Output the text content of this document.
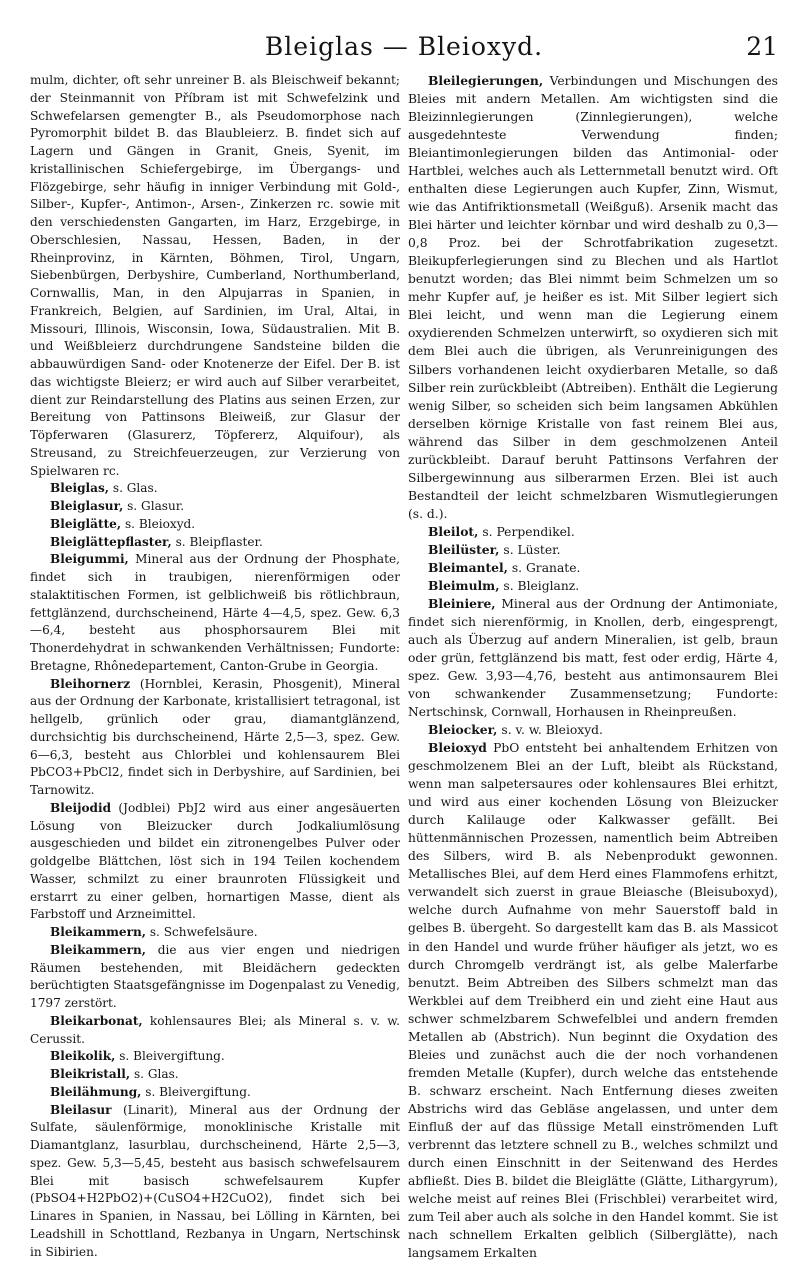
Bleiglas — Bleioxyd.	21

mulm, dichter, oft sehr unreiner B. als Bleischweif bekannt; der Steinmannit von Příbram ist mit Schwefelzink und Schwefelarsen gemengter B., als Pseudomorphose nach Pyromorphit bildet B. das Blaubleierz. B. findet sich auf Lagern und Gängen in Granit, Gneis, Syenit, im kristallinischen Schiefergebirge, im Übergangs- und Flözgebirge, sehr häufig in inniger Verbindung mit Gold-, Silber-, Kupfer-, Antimon-, Arsen-, Zinkerzen rc. sowie mit den verschiedensten Gangarten, im Harz, Erzgebirge, in Oberschlesien, Nassau, Hessen, Baden, in der Rheinprovinz, in Kärnten, Böhmen, Tirol, Ungarn, Siebenbürgen, Derbyshire, Cumberland, Northumberland, Cornwallis, Man, in den Alpujarras in Spanien, in Frankreich, Belgien, auf Sardinien, im Ural, Altai, in Missouri, Illinois, Wisconsin, Iowa, Südaustralien. Mit B. und Weißbleierz durchdrungene Sandsteine bilden die abbauwürdigen Sand- oder Knotenerze der Eifel. Der B. ist das wichtigste Bleierz; er wird auch auf Silber verarbeitet, dient zur Reindarstellung des Platins aus seinen Erzen, zur Bereitung von Pattinsons Bleiweiß, zur Glasur der Töpferwaren (Glasurerz, Töpfererz, Alquifour), als Streusand, zu Streichfeuerzeugen, zur Verzierung von Spielwaren rc.

Bleiglas, s. Glas.

Bleiglasur, s. Glasur.

Bleiglätte, s. Bleioxyd.

Bleiglättepflaster, s. Bleipflaster.

Bleigummi, Mineral aus der Ordnung der Phosphate, findet sich in traubigen, nierenförmigen oder stalaktitischen Formen, ist gelblichweiß bis rötlichbraun, fettglänzend, durchscheinend, Härte 4—4,5, spez. Gew. 6,3—6,4, besteht aus phosphorsaurem Blei mit Thonerdehydrat in schwankenden Verhältnissen; Fundorte: Bretagne, Rhônedepartement, Canton-Grube in Georgia.

Bleihornerz (Hornblei, Kerasin, Phosgenit), Mineral aus der Ordnung der Karbonate, kristallisiert tetragonal, ist hellgelb, grünlich oder grau, diamantglänzend, durchsichtig bis durchscheinend, Härte 2,5—3, spez. Gew. 6—6,3, besteht aus Chlorblei und kohlensaurem Blei PbCO3+PbCl2, findet sich in Derbyshire, auf Sardinien, bei Tarnowitz.

Bleijodid (Jodblei) PbJ2 wird aus einer angesäuerten Lösung von Bleizucker durch Jodkaliumlösung ausgeschieden und bildet ein zitronengelbes Pulver oder goldgelbe Blättchen, löst sich in 194 Teilen kochendem Wasser, schmilzt zu einer braunroten Flüssigkeit und erstarrt zu einer gelben, hornartigen Masse, dient als Farbstoff und Arzneimittel.

Bleikammern, s. Schwefelsäure.

Bleikammern, die aus vier engen und niedrigen Räumen bestehenden, mit Bleidächern gedeckten berüchtigten Staatsgefängnisse im Dogenpalast zu Venedig, 1797 zerstört.

Bleikarbonat, kohlensaures Blei; als Mineral s. v. w. Cerussit.

Bleikolik, s. Bleivergiftung.

Bleikristall, s. Glas.

Bleilähmung, s. Bleivergiftung.

Bleilasur (Linarit), Mineral aus der Ordnung der Sulfate, säulenförmige, monoklinische Kristalle mit Diamantglanz, lasurblau, durchscheinend, Härte 2,5—3, spez. Gew. 5,3—5,45, besteht aus basisch schwefelsaurem Blei mit basisch schwefelsaurem Kupfer (PbSO4+H2PbO2)+(CuSO4+H2CuO2), findet sich bei Linares in Spanien, in Nassau, bei Lölling in Kärnten, bei Leadshill in Schottland, Rezbanya in Ungarn, Nertschinsk in Sibirien.

Bleilegierungen, Verbindungen und Mischungen des Bleies mit andern Metallen. Am wichtigsten sind die Bleizinnlegierungen (Zinnlegierungen), welche ausgedehnteste Verwendung finden; Bleiantimonlegierungen bilden das Antimonial- oder Hartblei, welches auch als Letternmetall benutzt wird. Oft enthalten diese Legierungen auch Kupfer, Zinn, Wismut, wie das Antifriktionsmetall (Weißguß). Arsenik macht das Blei härter und leichter körnbar und wird deshalb zu 0,3—0,8 Proz. bei der Schrotfabrikation zugesetzt. Bleikupferlegierungen sind zu Blechen und als Hartlot benutzt worden; das Blei nimmt beim Schmelzen um so mehr Kupfer auf, je heißer es ist. Mit Silber legiert sich Blei leicht, und wenn man die Legierung einem oxydierenden Schmelzen unterwirft, so oxydieren sich mit dem Blei auch die übrigen, als Verunreinigungen des Silbers vorhandenen leicht oxydierbaren Metalle, so daß Silber rein zurückbleibt (Abtreiben). Enthält die Legierung wenig Silber, so scheiden sich beim langsamen Abkühlen derselben körnige Kristalle von fast reinem Blei aus, während das Silber in dem geschmolzenen Anteil zurückbleibt. Darauf beruht Pattinsons Verfahren der Silbergewinnung aus silberarmen Erzen. Blei ist auch Bestandteil der leicht schmelzbaren Wismutlegierungen (s. d.).

Bleilot, s. Perpendikel.

Bleilüster, s. Lüster.

Bleimantel, s. Granate.

Bleimulm, s. Bleiglanz.

Bleiniere, Mineral aus der Ordnung der Antimoniate, findet sich nierenförmig, in Knollen, derb, eingesprengt, auch als Überzug auf andern Mineralien, ist gelb, braun oder grün, fettglänzend bis matt, fest oder erdig, Härte 4, spez. Gew. 3,93—4,76, besteht aus antimonsaurem Blei von schwankender Zusammensetzung; Fundorte: Nertschinsk, Cornwall, Horhausen in Rheinpreußen.

Bleiocker, s. v. w. Bleioxyd.

Bleioxyd PbO entsteht bei anhaltendem Erhitzen von geschmolzenem Blei an der Luft, bleibt als Rückstand, wenn man salpetersaures oder kohlensaures Blei erhitzt, und wird aus einer kochenden Lösung von Bleizucker durch Kalilauge oder Kalkwasser gefällt. Bei hüttenmännischen Prozessen, namentlich beim Abtreiben des Silbers, wird B. als Nebenprodukt gewonnen. Metallisches Blei, auf dem Herd eines Flammofens erhitzt, verwandelt sich zuerst in graue Bleiasche (Bleisuboxyd), welche durch Aufnahme von mehr Sauerstoff bald in gelbes B. übergeht. So dargestellt kam das B. als Massicot in den Handel und wurde früher häufiger als jetzt, wo es durch Chromgelb verdrängt ist, als gelbe Malerfarbe benutzt. Beim Abtreiben des Silbers schmelzt man das Werkblei auf dem Treibherd ein und zieht eine Haut aus schwer schmelzbarem Schwefelblei und andern fremden Metallen ab (Abstrich). Nun beginnt die Oxydation des Bleies und zunächst auch die der noch vorhandenen fremden Metalle (Kupfer), durch welche das entstehende B. schwarz erscheint. Nach Entfernung dieses zweiten Abstrichs wird das Gebläse angelassen, und unter dem Einfluß der auf das flüssige Metall einströmenden Luft verbrennt das letztere schnell zu B., welches schmilzt und durch einen Einschnitt in der Seitenwand des Herdes abfließt. Dies B. bildet die Bleiglätte (Glätte, Lithargyrum), welche meist auf reines Blei (Frischblei) verarbeitet wird, zum Teil aber auch als solche in den Handel kommt. Sie ist nach schnellem Erkalten gelblich (Silberglätte), nach langsamem Erkalten
